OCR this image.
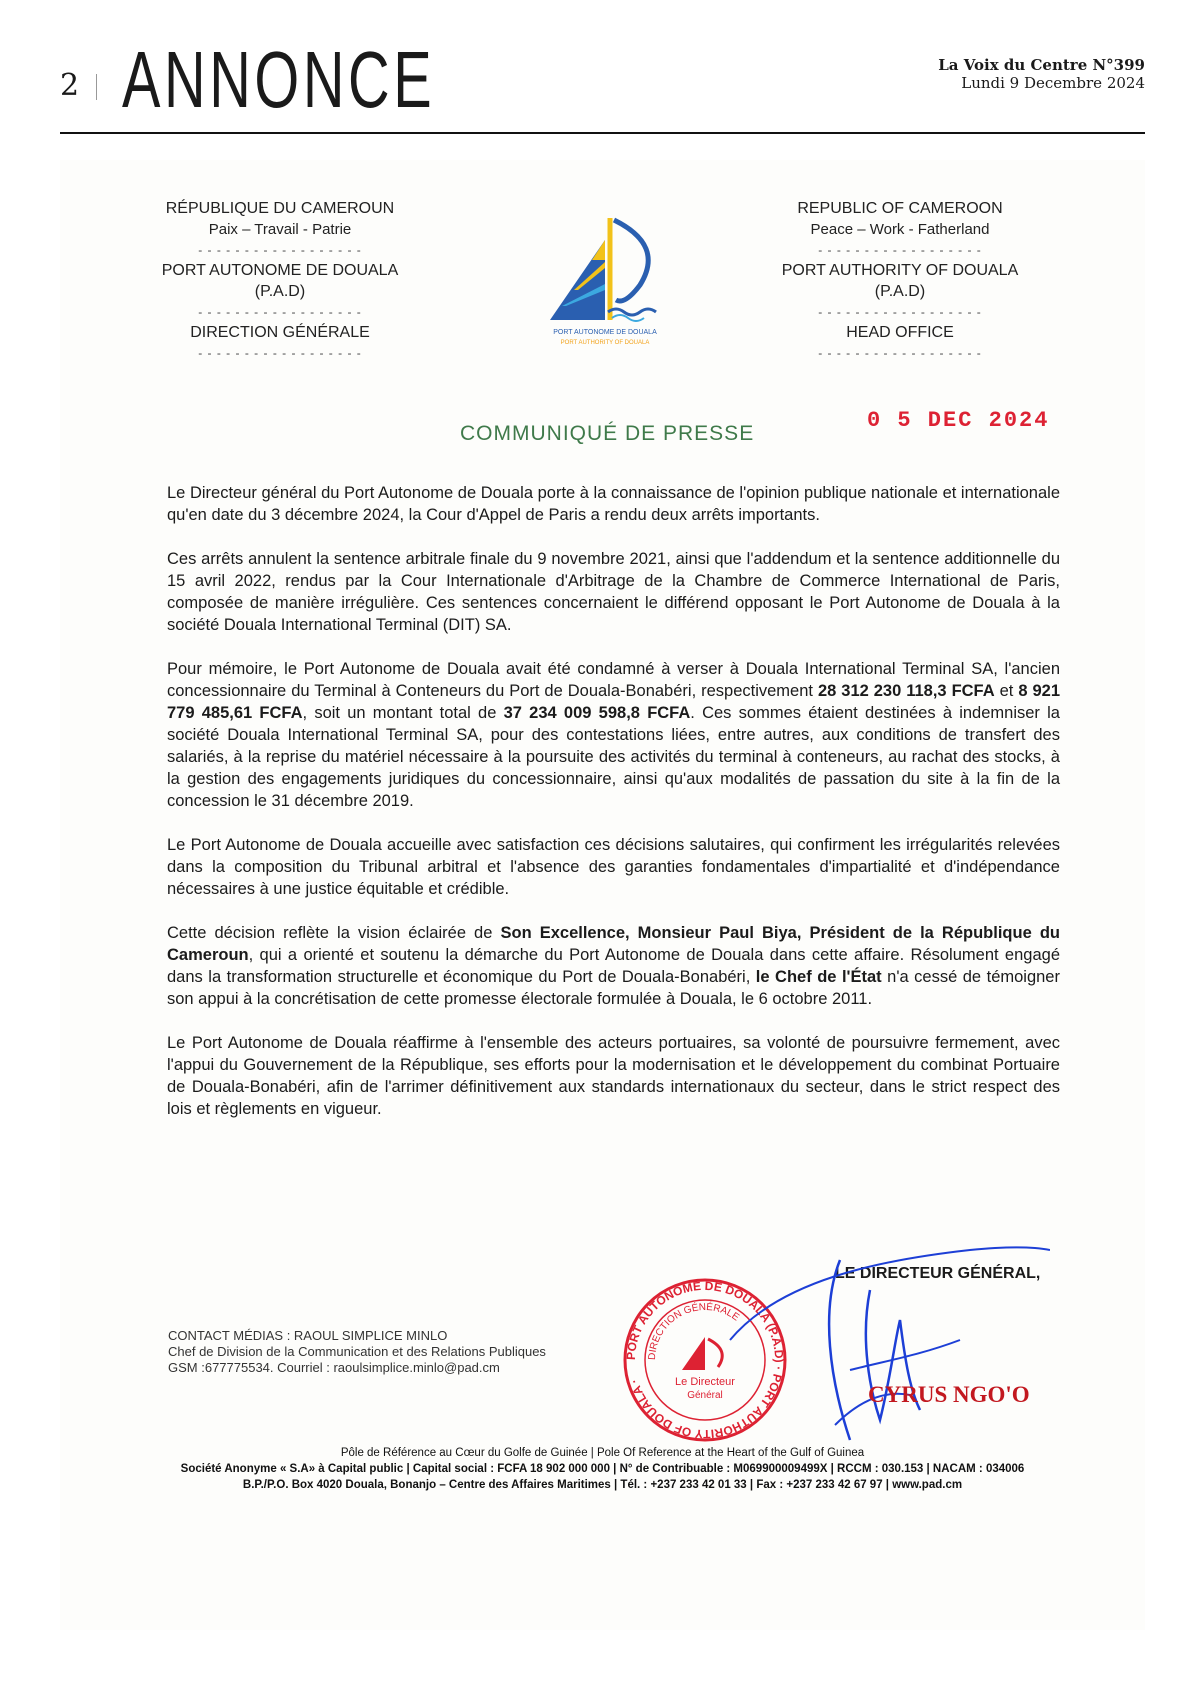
2 ANNONCE	La Voix du Centre N°399
Lundi 9 Decembre 2024
RÉPUBLIQUE DU CAMEROUN
Paix – Travail - Patrie
- - - - - - - - - - - - - - - - - -
PORT AUTONOME DE DOUALA
(P.A.D)
- - - - - - - - - - - - - - - - - -
DIRECTION GÉNÉRALE
- - - - - - - - - - - - - - - - - -
PORT AUTONOME DE DOUALA
PORT AUTHORITY OF DOUALA
REPUBLIC OF CAMEROON
Peace – Work - Fatherland
- - - - - - - - - - - - - - - - - -
PORT AUTHORITY OF DOUALA
(P.A.D)
- - - - - - - - - - - - - - - - - -
HEAD OFFICE
- - - - - - - - - - - - - - - - - -
COMMUNIQUÉ DE PRESSE
0 5 DEC 2024

Le Directeur général du Port Autonome de Douala porte à la connaissance de l'opinion publique nationale et internationale qu'en date du 3 décembre 2024, la Cour d'Appel de Paris a rendu deux arrêts importants.

Ces arrêts annulent la sentence arbitrale finale du 9 novembre 2021, ainsi que l'addendum et la sentence additionnelle du 15 avril 2022, rendus par la Cour Internationale d'Arbitrage de la Chambre de Commerce International de Paris, composée de manière irrégulière. Ces sentences concernaient le différend opposant le Port Autonome de Douala à la société Douala International Terminal (DIT) SA.

Pour mémoire, le Port Autonome de Douala avait été condamné à verser à Douala International Terminal SA, l'ancien concessionnaire du Terminal à Conteneurs du Port de Douala-Bonabéri, respectivement 28 312 230 118,3 FCFA et 8 921 779 485,61 FCFA, soit un montant total de 37 234 009 598,8 FCFA. Ces sommes étaient destinées à indemniser la société Douala International Terminal SA, pour des contestations liées, entre autres, aux conditions de transfert des salariés, à la reprise du matériel nécessaire à la poursuite des activités du terminal à conteneurs, au rachat des stocks, à la gestion des engagements juridiques du concessionnaire, ainsi qu'aux modalités de passation du site à la fin de la concession le 31 décembre 2019.

Le Port Autonome de Douala accueille avec satisfaction ces décisions salutaires, qui confirment les irrégularités relevées dans la composition du Tribunal arbitral et l'absence des garanties fondamentales d'impartialité et d'indépendance nécessaires à une justice équitable et crédible.

Cette décision reflète la vision éclairée de Son Excellence, Monsieur Paul Biya, Président de la République du Cameroun, qui a orienté et soutenu la démarche du Port Autonome de Douala dans cette affaire. Résolument engagé dans la transformation structurelle et économique du Port de Douala-Bonabéri, le Chef de l'État n'a cessé de témoigner son appui à la concrétisation de cette promesse électorale formulée à Douala, le 6 octobre 2011.

Le Port Autonome de Douala réaffirme à l'ensemble des acteurs portuaires, sa volonté de poursuivre fermement, avec l'appui du Gouvernement de la République, ses efforts pour la modernisation et le développement du combinat Portuaire de Douala-Bonabéri, afin de l'arrimer définitivement aux standards internationaux du secteur, dans le strict respect des lois et règlements en vigueur.

PORT AUTONOME DE DOUALA (P.A.D) · PORT AUTHORITY OF DOUALA ·
DIRECTION GÉNÉRALE
Le Directeur
Général
LE DIRECTEUR GÉNÉRAL,
CYRUS NGO'O
CONTACT MÉDIAS : RAOUL SIMPLICE MINLO
Chef de Division de la Communication et des Relations Publiques
GSM :677775534. Courriel : raoulsimplice.minlo@pad.cm
Pôle de Référence au Cœur du Golfe de Guinée | Pole Of Reference at the Heart of the Gulf of Guinea
Société Anonyme « S.A» à Capital public | Capital social : FCFA 18 902 000 000 | N° de Contribuable : M069900009499X | RCCM : 030.153 | NACAM : 034006
B.P./P.O. Box 4020 Douala, Bonanjo – Centre des Affaires Maritimes | Tél. : +237 233 42 01 33 | Fax : +237 233 42 67 97 | www.pad.cm
